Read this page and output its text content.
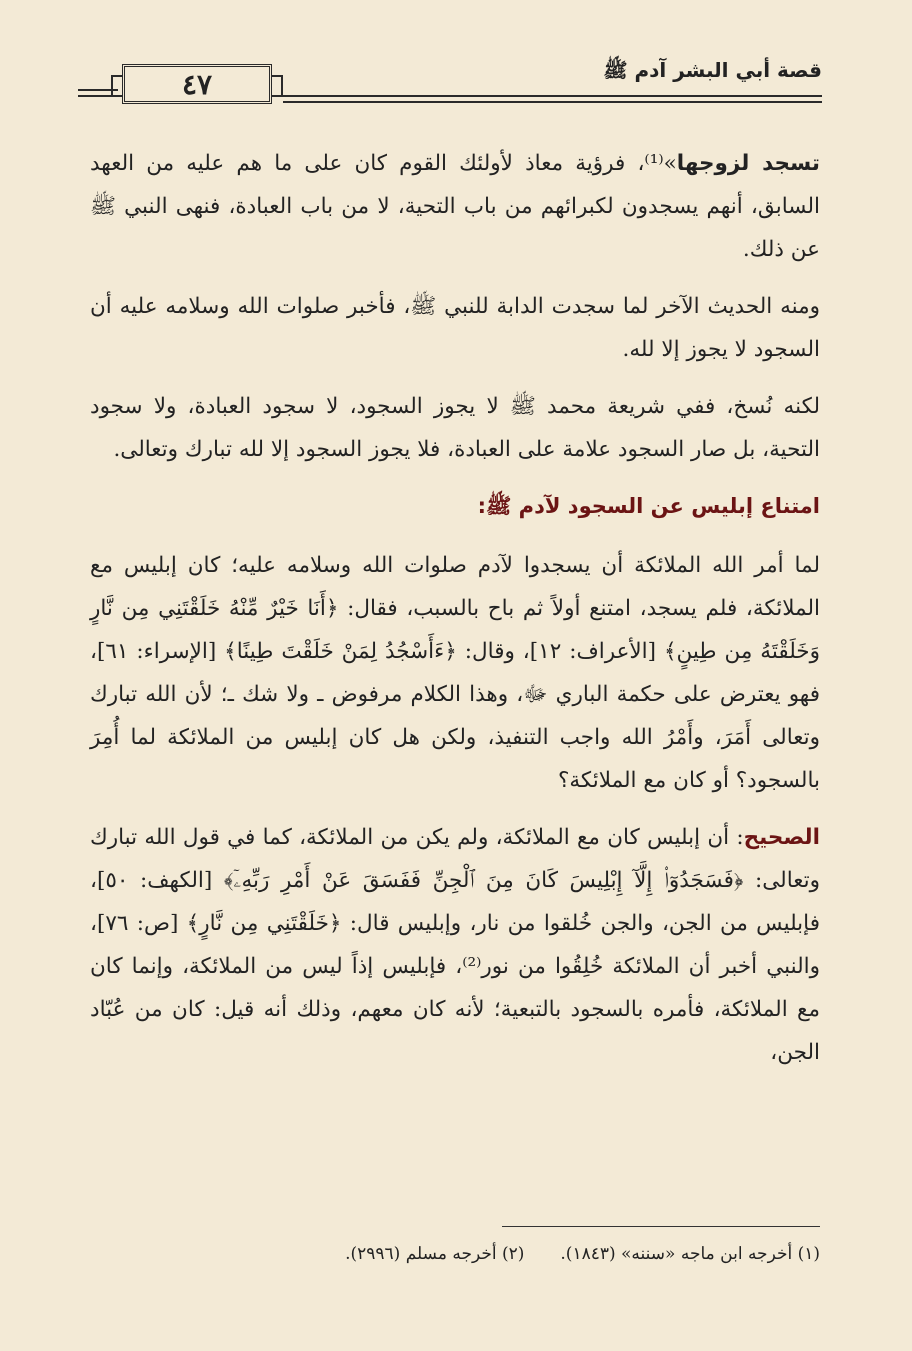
٤٧	قصة أبي البشر آدم ﷺ

تسجد لزوجها»⁽¹⁾، فرؤية معاذ لأولئك القوم كان على ما هم عليه من العهد السابق، أنهم يسجدون لكبرائهم من باب التحية، لا من باب العبادة، فنهى النبي ﷺ عن ذلك.

ومنه الحديث الآخر لما سجدت الدابة للنبي ﷺ، فأخبر صلوات الله وسلامه عليه أن السجود لا يجوز إلا لله.

لكنه نُسخ، ففي شريعة محمد ﷺ لا يجوز السجود، لا سجود العبادة، ولا سجود التحية، بل صار السجود علامة على العبادة، فلا يجوز السجود إلا لله تبارك وتعالى.

امتناع إبليس عن السجود لآدم ﷺ:

لما أمر الله الملائكة أن يسجدوا لآدم صلوات الله وسلامه عليه؛ كان إبليس مع الملائكة، فلم يسجد، امتنع أولاً ثم باح بالسبب، فقال: ﴿أَنَا خَيْرٌ مِّنْهُ خَلَقْتَنِي مِن نَّارٍ وَخَلَقْتَهُ مِن طِينٍ﴾ [الأعراف: ١٢]، وقال: ﴿ءَأَسْجُدُ لِمَنْ خَلَقْتَ طِينًا﴾ [الإسراء: ٦١]، فهو يعترض على حكمة الباري ﷻ، وهذا الكلام مرفوض ـ ولا شك ـ؛ لأن الله تبارك وتعالى أَمَرَ، وأَمْرُ الله واجب التنفيذ، ولكن هل كان إبليس من الملائكة لما أُمِرَ بالسجود؟ أو كان مع الملائكة؟

الصحيح: أن إبليس كان مع الملائكة، ولم يكن من الملائكة، كما في قول الله تبارك وتعالى: ﴿فَسَجَدُوٓا۟ إِلَّآ إِبْلِيسَ كَانَ مِنَ ٱلْجِنِّ فَفَسَقَ عَنْ أَمْرِ رَبِّهِۦٓ﴾ [الكهف: ٥٠]، فإبليس من الجن، والجن خُلقوا من نار، وإبليس قال: ﴿خَلَقْتَنِي مِن نَّارٍ﴾ [ص: ٧٦]، والنبي أخبر أن الملائكة خُلِقُوا من نور⁽²⁾، فإبليس إذاً ليس من الملائكة، وإنما كان مع الملائكة، فأمره بالسجود بالتبعية؛ لأنه كان معهم، وذلك أنه قيل: كان من عُبّاد الجن،

(١) أخرجه ابن ماجه «سننه» (١٨٤٣).
(٢) أخرجه مسلم (٢٩٩٦).
